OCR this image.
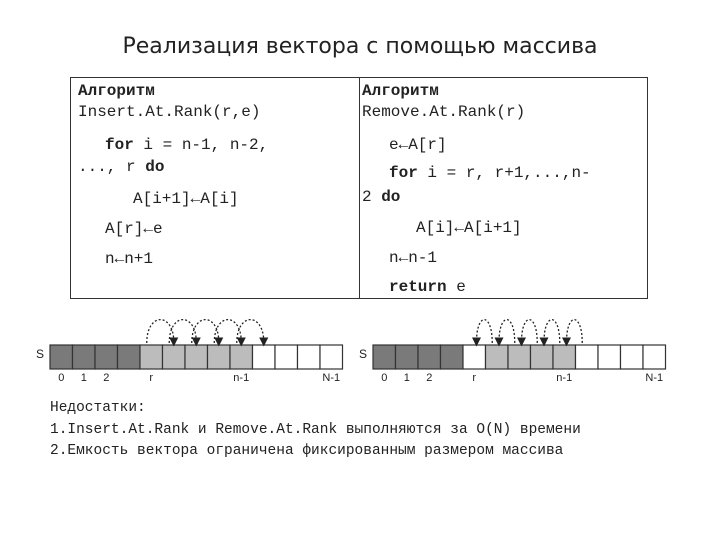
Реализация вектора с помощью массива
Алгоритм
Insert.At.Rank(r,e)
for i = n-1, n-2,
..., r do
A[i+1]←A[i]
A[r]←e
n←n+1
Алгоритм
Remove.At.Rank(r)
e←A[r]
for i = r, r+1,...,n-
2 do
A[i]←A[i+1]
n←n-1
return e
S
0 1 2	r	n-1	N-1
S
0 1 2	r	n-1	N-1
Недостатки:
1.Insert.At.Rank и Remove.At.Rank выполняются за O(N) времени
2.Емкость вектора ограничена фиксированным размером массива
